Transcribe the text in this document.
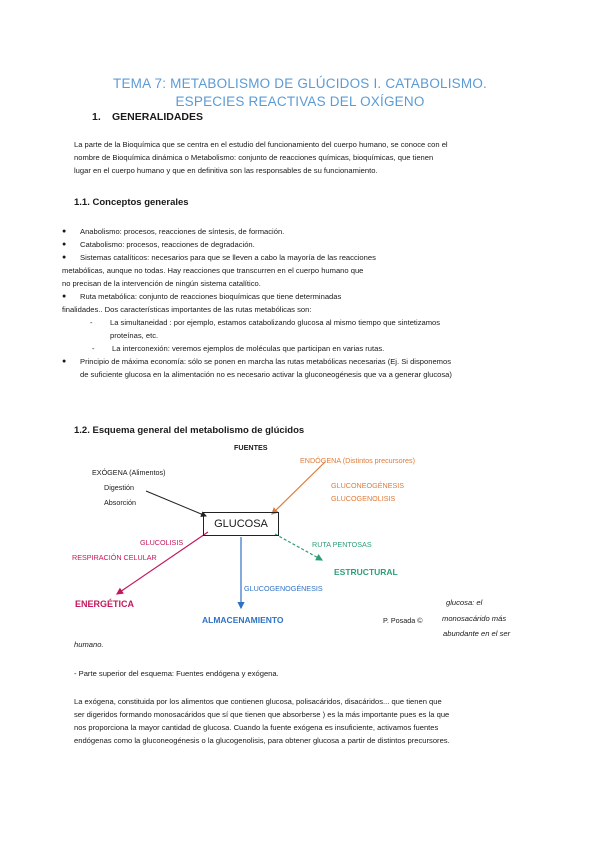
TEMA 7: METABOLISMO DE GLÚCIDOS I. CATABOLISMO.
ESPECIES REACTIVAS DEL OXÍGENO
1. GENERALIDADES
La parte de la Bioquímica que se centra en el estudio del funcionamiento del cuerpo humano, se conoce con el
nombre de Bioquímica dinámica o Metabolismo: conjunto de reacciones químicas, bioquímicas, que tienen
lugar en el cuerpo humano y que en definitiva son las responsables de su funcionamiento.
1.1. Conceptos generales
● Anabolismo: procesos, reacciones de síntesis, de formación.
● Catabolismo: procesos, reacciones de degradación.
● Sistemas catalíticos: necesarios para que se lleven a cabo la mayoría de las reacciones
metabólicas, aunque no todas. Hay reacciones que transcurren en el cuerpo humano que
no precisan de la intervención de ningún sistema catalítico.
● Ruta metabólica: conjunto de reacciones bioquímicas que tiene determinadas
finalidades.. Dos características importantes de las rutas metabólicas son:
- La simultaneidad : por ejemplo, estamos catabolizando glucosa al mismo tiempo que sintetizamos
proteínas, etc.
- La interconexión: veremos ejemplos de moléculas que participan en varias rutas.
● Principio de máxima economía: sólo se ponen en marcha las rutas metabólicas necesarias (Ej. Si disponemos
de suficiente glucosa en la alimentación no es necesario activar la gluconeogénesis que va a generar glucosa)
1.2. Esquema general del metabolismo de glúcidos
FUENTES
EXÓGENA (Alimentos)
Digestión
Absorción
ENDÓGENA (Distintos precursores)
GLUCONEOGÉNESIS
GLUCOGENOLISIS
GLUCOSA
GLUCOLISIS
RESPIRACIÓN CELULAR
ENERGÉTICA
RUTA PENTOSAS
ESTRUCTURAL
GLUCOGENOGÉNESIS
ALMACENAMIENTO	P. Posada ©
glucosa: el
monosacárido más
abundante en el ser
humano.
- Parte superior del esquema: Fuentes endógena y exógena.
La exógena, constituida por los alimentos que contienen glucosa, polisacáridos, disacáridos... que tienen que
ser digeridos formando monosacáridos que sí que tienen que absorberse ) es la más importante pues es la que
nos proporciona la mayor cantidad de glucosa. Cuando la fuente exógena es insuficiente, activamos fuentes
endógenas como la gluconeogénesis o la glucogenolisis, para obtener glucosa a partir de distintos precursores.
